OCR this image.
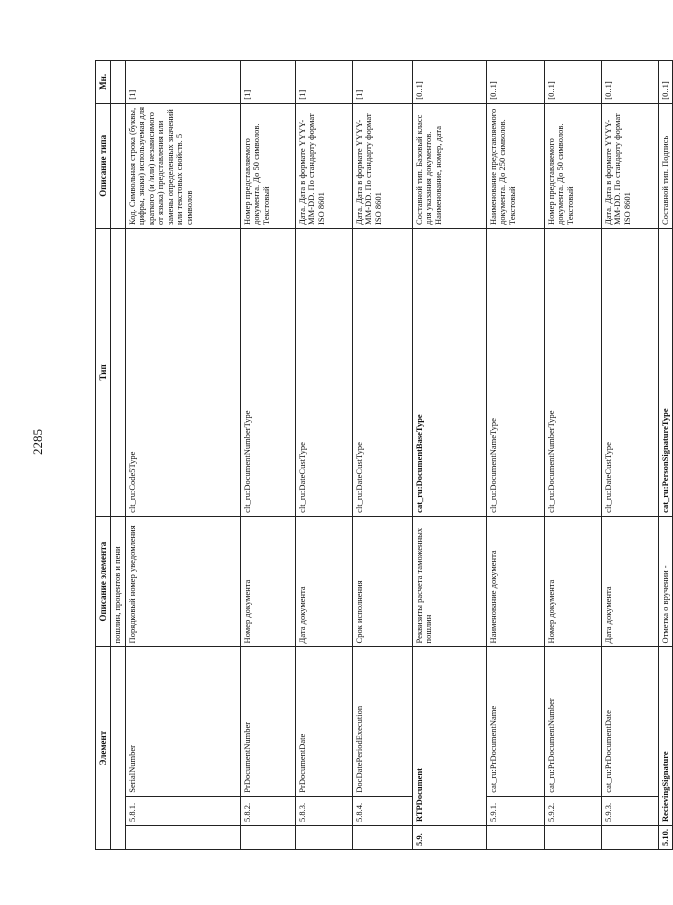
2285
Элемент			Описание элемента	Тип	Описание типа	Мн.
			пошлин, процентов и пени			
	5.8.1.	SerialNumber	Порядковый номер уведомления	clt_ru:Code5Type	Код. Символьная строка (буквы, цифры, знаки) используемая для краткого (и /или) независимого от языка) представления или замены определенных значений или текстовых свойств. 5 символов	[1]
	5.8.2.	PrDocumentNumber	Номер документа	clt_ru:DocumentNumberType	Номер представляемого документа. До 50 символов. Текстовый	[1]
	5.8.3.	PrDocumentDate	Дата документа	clt_ru:DateCustType	Дата. Дата в формате YYYY-MM-DD. По стандарту формат ISO 8601	[1]
	5.8.4.	DocDatePeriodExecution	Срок исполнения	clt_ru:DateCustType	Дата. Дата в формате YYYY-MM-DD. По стандарту формат ISO 8601	[1]
5.9.	RTPDocument		Реквизиты расчета таможенных пошлин	cat_ru:DocumentBaseType	Составной тип. Базовый класс для указания документов. Наименование, номер, дата	[0..1]
	5.9.1.	cat_ru:PrDocumentName	Наименование документа	clt_ru:DocumentNameType	Наименование представляемого документа. До 250 символов. Текстовый	[0..1]
	5.9.2.	cat_ru:PrDocumentNumber	Номер документа	clt_ru:DocumentNumberType	Номер представляемого документа. До 50 символов. Текстовый	[0..1]
	5.9.3.	cat_ru:PrDocumentDate	Дата документа	clt_ru:DateCustType	Дата. Дата в формате YYYY-MM-DD. По стандарту формат ISO 8601	[0..1]
5.10.	RecievingSignature		Отметка о вручении -	cat_ru:PersonSignatureType	Составной тип. Подпись	[0..1]
